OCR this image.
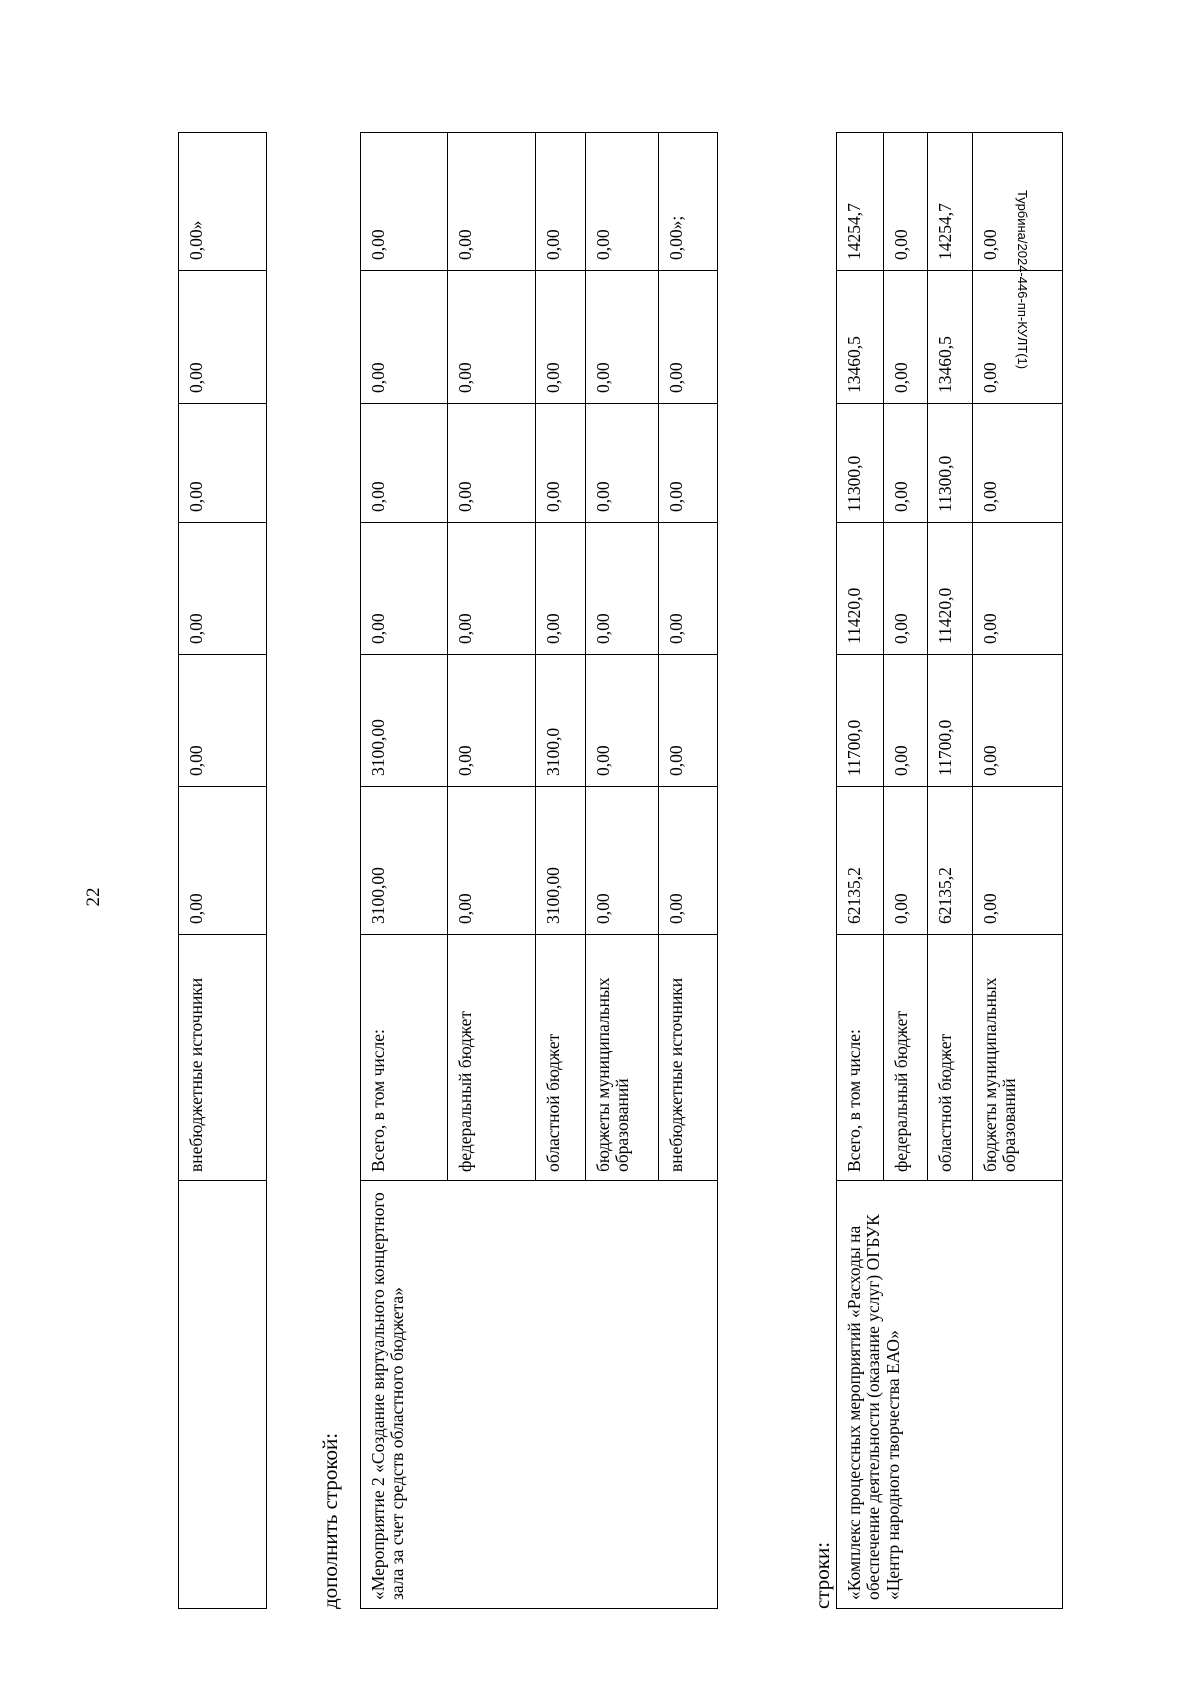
22
Турбина/2024-446-пп-КУЛТ(1)
	внебюджетные источники	0,00	0,00	0,00	0,00	0,00	0,00»
дополнить строкой: «Мероприятие 2 «Создание виртуального концертного зала за счет средств областного бюджета»	Всего, в том числе:	3100,00	3100,00	0,00	0,00	0,00	0,00
	федеральный бюджет	0,00	0,00	0,00	0,00	0,00	0,00
	областной бюджет	3100,00	3100,0	0,00	0,00	0,00	0,00
	бюджеты муниципальных образований	0,00	0,00	0,00	0,00	0,00	0,00
	внебюджетные источники	0,00	0,00	0,00	0,00	0,00	0,00»;
строки: «Комплекс процессных мероприятий «Расходы на обеспечение деятельности (оказание услуг) ОГБУК «Центр народного творчества ЕАО»	Всего, в том числе:	62135,2	11700,0	11420,0	11300,0	13460,5	14254,7
	федеральный бюджет	0,00	0,00	0,00	0,00	0,00	0,00
	областной бюджет	62135,2	11700,0	11420,0	11300,0	13460,5	14254,7
	бюджеты муниципальных образований	0,00	0,00	0,00	0,00	0,00	0,00
